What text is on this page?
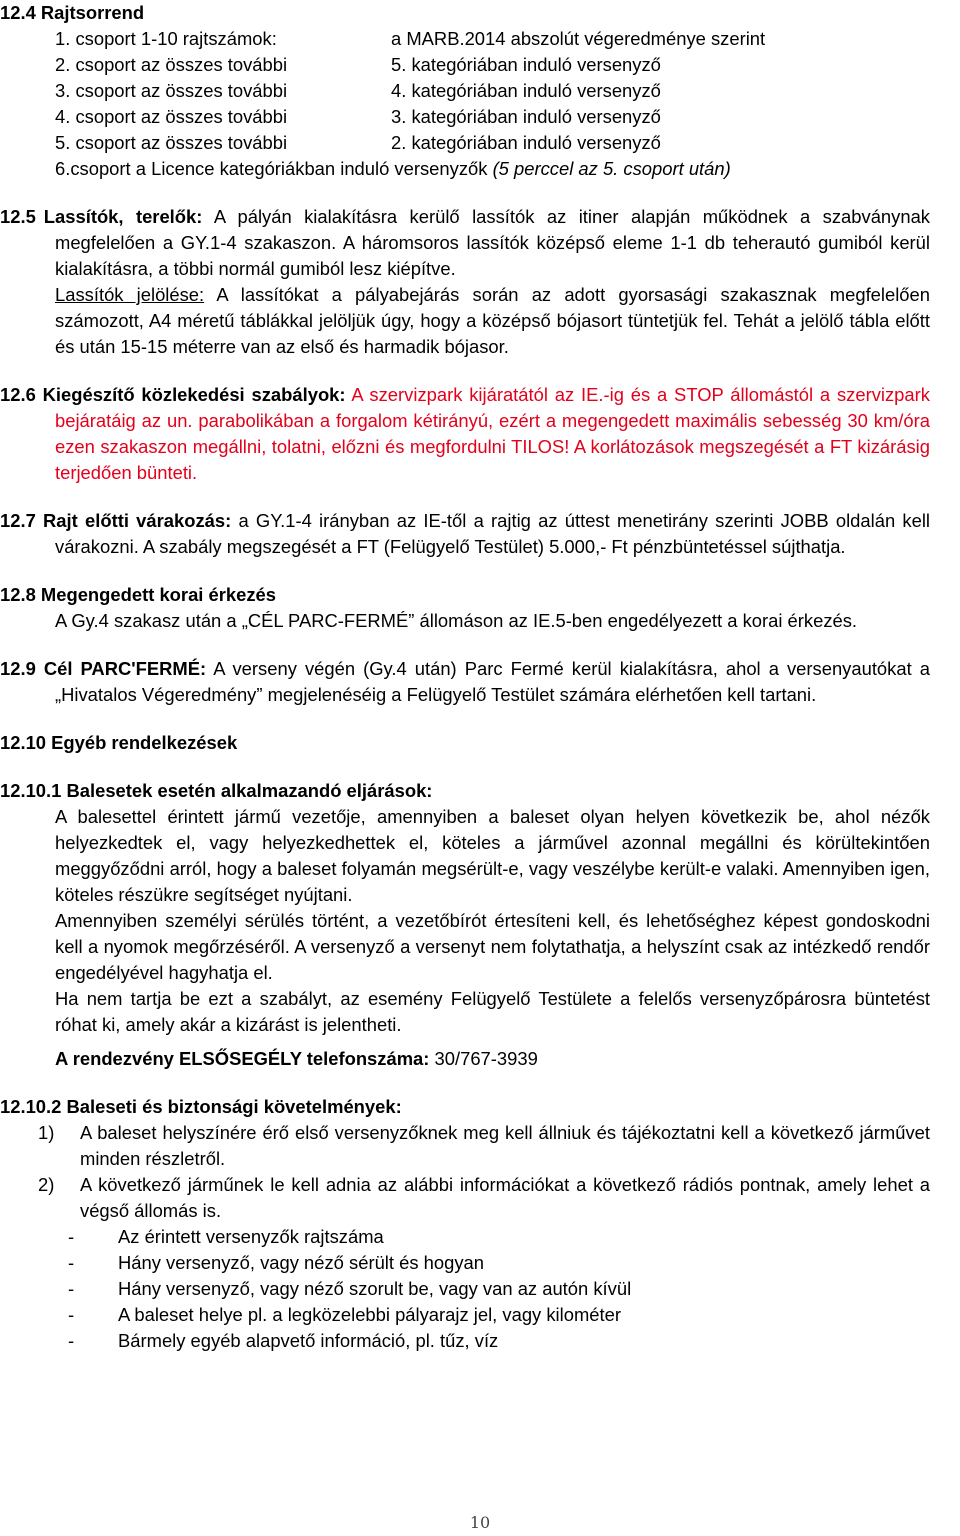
12.4 Rajtsorrend
1. csoport 1-10 rajtszámok:	a MARB.2014 abszolút végeredménye szerint
2. csoport az összes további	5. kategóriában induló versenyző
3. csoport az összes további	4. kategóriában induló versenyző
4. csoport az összes további	3. kategóriában induló versenyző
5. csoport az összes további	2. kategóriában induló versenyző
6.csoport a Licence kategóriákban induló versenyzők (5 perccel az 5. csoport után)
12.5 Lassítók, terelők: A pályán kialakításra kerülő lassítók az itiner alapján működnek a szabványnak megfelelően a GY.1-4 szakaszon. A háromsoros lassítók középső eleme 1-1 db teherautó gumiból kerül kialakításra, a többi normál gumiból lesz kiépítve.
Lassítók jelölése: A lassítókat a pályabejárás során az adott gyorsasági szakasznak megfelelően számozott, A4 méretű táblákkal jelöljük úgy, hogy a középső bójasort tüntetjük fel. Tehát a jelölő tábla előtt és után 15-15 méterre van az első és harmadik bójasor.
12.6 Kiegészítő közlekedési szabályok: A szervizpark kijáratától az IE.-ig és a STOP állomástól a szervizpark bejáratáig az un. parabolikában a forgalom kétirányú, ezért a megengedett maximális sebesség 30 km/óra ezen szakaszon megállni, tolatni, előzni és megfordulni TILOS! A korlátozások megszegését a FT kizárásig terjedően bünteti.
12.7 Rajt előtti várakozás: a GY.1-4 irányban az IE-től a rajtig az úttest menetirány szerinti JOBB oldalán kell várakozni. A szabály megszegését a FT (Felügyelő Testület) 5.000,- Ft pénzbüntetéssel sújthatja.
12.8 Megengedett korai érkezés
A Gy.4 szakasz után a „CÉL PARC-FERMÉ” állomáson az IE.5-ben engedélyezett a korai érkezés.
12.9 Cél PARC'FERMÉ: A verseny végén (Gy.4 után) Parc Fermé kerül kialakításra, ahol a versenyautókat a „Hivatalos Végeredmény” megjelenéséig a Felügyelő Testület számára elérhetően kell tartani.
12.10 Egyéb rendelkezések
12.10.1 Balesetek esetén alkalmazandó eljárások:
A balesettel érintett jármű vezetője, amennyiben a baleset olyan helyen következik be, ahol nézők helyezkedtek el, vagy helyezkedhettek el, köteles a járművel azonnal megállni és körültekintően meggyőződni arról, hogy a baleset folyamán megsérült-e, vagy veszélybe került-e valaki. Amennyiben igen, köteles részükre segítséget nyújtani.
Amennyiben személyi sérülés történt, a vezetőbírót értesíteni kell, és lehetőséghez képest gondoskodni kell a nyomok megőrzéséről. A versenyző a versenyt nem folytathatja, a helyszínt csak az intézkedő rendőr engedélyével hagyhatja el.
Ha nem tartja be ezt a szabályt, az esemény Felügyelő Testülete a felelős versenyzőpárosra büntetést róhat ki, amely akár a kizárást is jelentheti.
A rendezvény ELSŐSEGÉLY telefonszáma: 30/767-3939
12.10.2 Baleseti és biztonsági követelmények:
1)	A baleset helyszínére érő első versenyzőknek meg kell állniuk és tájékoztatni kell a következő járművet minden részletről.
2)	A következő járműnek le kell adnia az alábbi információkat a következő rádiós pontnak, amely lehet a végső állomás is.
-	Az érintett versenyzők rajtszáma
-	Hány versenyző, vagy néző sérült és hogyan
-	Hány versenyző, vagy néző szorult be, vagy van az autón kívül
-	A baleset helye pl. a legközelebbi pályarajz jel, vagy kilométer
-	Bármely egyéb alapvető információ, pl. tűz, víz
10
